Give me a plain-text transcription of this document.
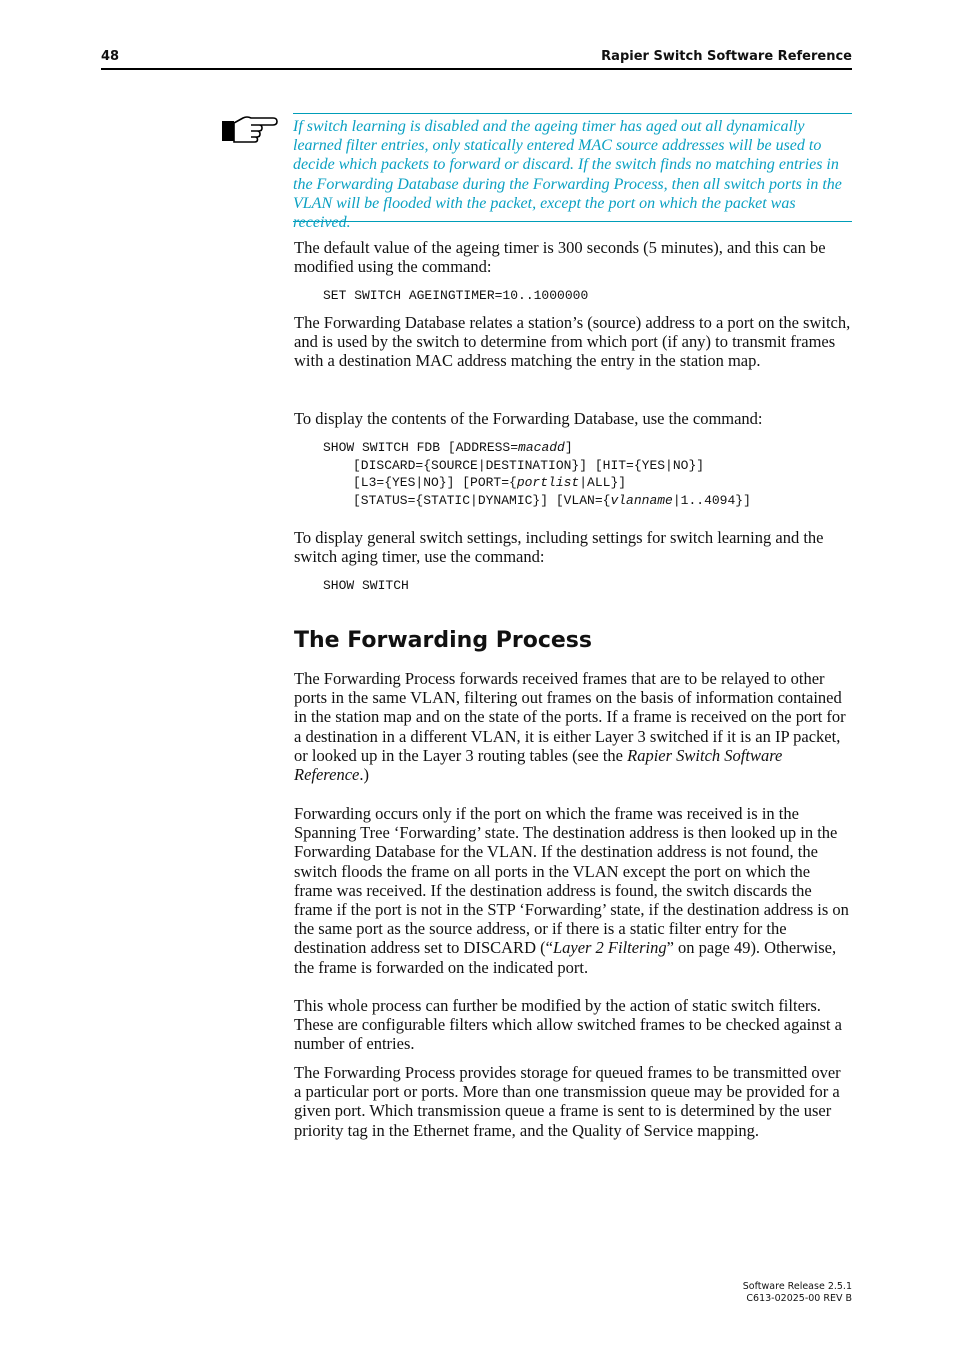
48	Rapier Switch Software Reference

If switch learning is disabled and the ageing timer has aged out all dynamically learned filter entries, only statically entered MAC source addresses will be used to decide which packets to forward or discard. If the switch finds no matching entries in the Forwarding Database during the Forwarding Process, then all switch ports in the VLAN will be flooded with the packet, except the port on which the packet was received.

The default value of the ageing timer is 300 seconds (5 minutes), and this can be modified using the command:

SET SWITCH AGEINGTIMER=10..1000000

The Forwarding Database relates a station’s (source) address to a port on the switch, and is used by the switch to determine from which port (if any) to transmit frames with a destination MAC address matching the entry in the station map.

To display the contents of the Forwarding Database, use the command:

SHOW SWITCH FDB [ADDRESS=macadd]

[DISCARD={SOURCE|DESTINATION}] [HIT={YES|NO}]
[L3={YES|NO}] [PORT={portlist|ALL}]
[STATUS={STATIC|DYNAMIC}] [VLAN={vlanname|1..4094}]

To display general switch settings, including settings for switch learning and the switch aging timer, use the command:

SHOW SWITCH

The Forwarding Process

The Forwarding Process forwards received frames that are to be relayed to other ports in the same VLAN, filtering out frames on the basis of information contained in the station map and on the state of the ports. If a frame is received on the port for a destination in a different VLAN, it is either Layer 3 switched if it is an IP packet, or looked up in the Layer 3 routing tables (see the Rapier Switch Software Reference.)

Forwarding occurs only if the port on which the frame was received is in the Spanning Tree ‘Forwarding’ state. The destination address is then looked up in the Forwarding Database for the VLAN. If the destination address is not found, the switch floods the frame on all ports in the VLAN except the port on which the frame was received. If the destination address is found, the switch discards the frame if the port is not in the STP ‘Forwarding’ state, if the destination address is on the same port as the source address, or if there is a static filter entry for the destination address set to DISCARD (“Layer 2 Filtering” on page 49). Otherwise, the frame is forwarded on the indicated port.

This whole process can further be modified by the action of static switch filters. These are configurable filters which allow switched frames to be checked against a number of entries.

The Forwarding Process provides storage for queued frames to be transmitted over a particular port or ports. More than one transmission queue may be provided for a given port. Which transmission queue a frame is sent to is determined by the user priority tag in the Ethernet frame, and the Quality of Service mapping.

Software Release 2.5.1
C613-02025-00 REV B
